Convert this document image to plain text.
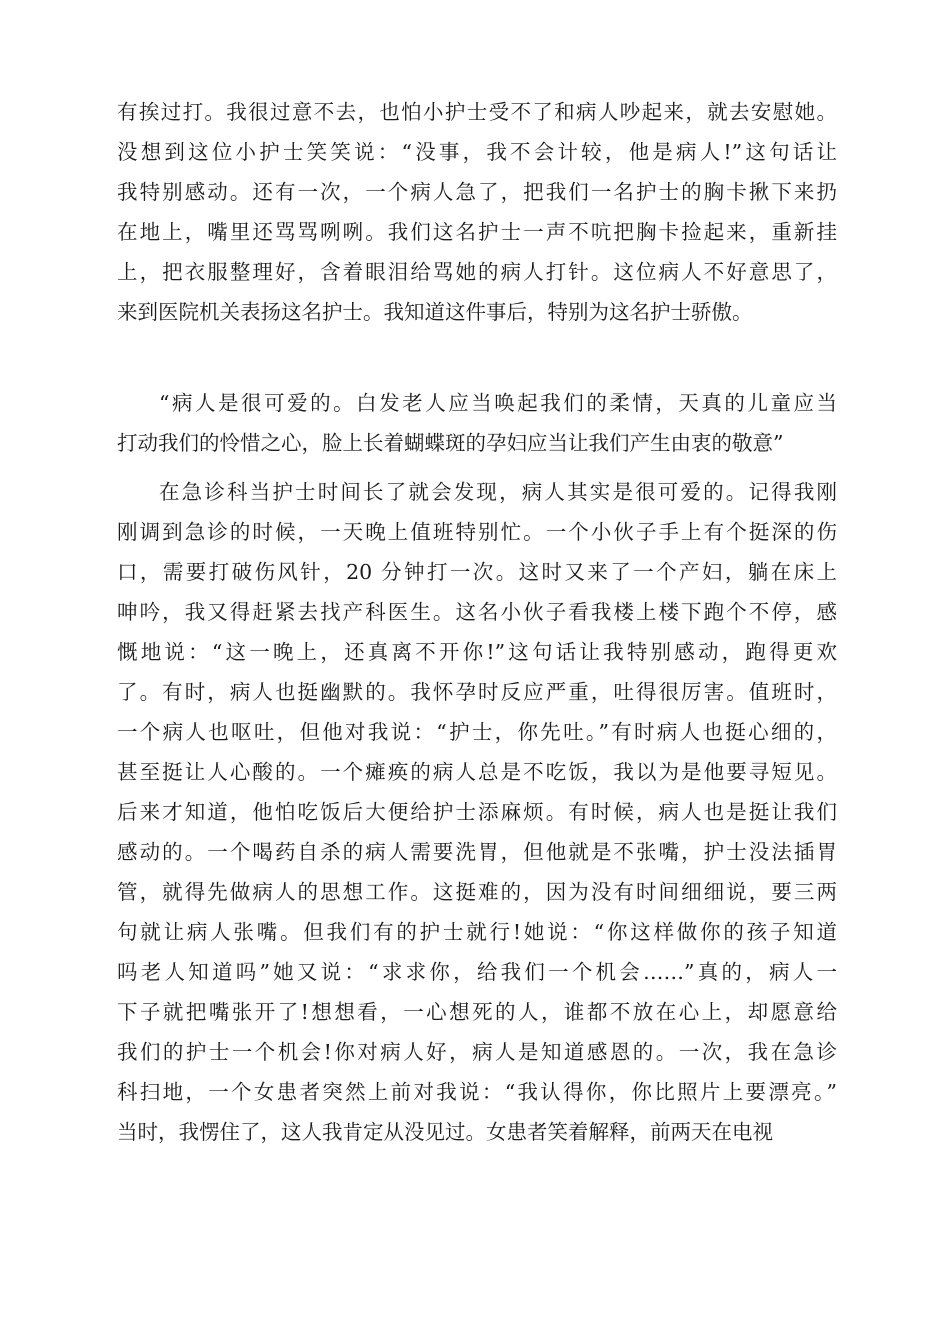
有挨过打。我很过意不去，也怕小护士受不了和病人吵起来，就去安慰她。
没想到这位小护士笑笑说：“没事，我不会计较，他是病人!”这句话让
我特别感动。还有一次，一个病人急了，把我们一名护士的胸卡揪下来扔
在地上，嘴里还骂骂咧咧。我们这名护士一声不吭把胸卡捡起来，重新挂
上，把衣服整理好，含着眼泪给骂她的病人打针。这位病人不好意思了，
来到医院机关表扬这名护士。我知道这件事后，特别为这名护士骄傲。
“病人是很可爱的。白发老人应当唤起我们的柔情，天真的儿童应当
打动我们的怜惜之心，脸上长着蝴蝶斑的孕妇应当让我们产生由衷的敬意”
在急诊科当护士时间长了就会发现，病人其实是很可爱的。记得我刚
刚调到急诊的时候，一天晚上值班特别忙。一个小伙子手上有个挺深的伤
口，需要打破伤风针，20 分钟打一次。这时又来了一个产妇，躺在床上
呻吟，我又得赶紧去找产科医生。这名小伙子看我楼上楼下跑个不停，感
慨地说：“这一晚上，还真离不开你!”这句话让我特别感动，跑得更欢
了。有时，病人也挺幽默的。我怀孕时反应严重，吐得很厉害。值班时，
一个病人也呕吐，但他对我说：“护士，你先吐。”有时病人也挺心细的，
甚至挺让人心酸的。一个瘫痪的病人总是不吃饭，我以为是他要寻短见。
后来才知道，他怕吃饭后大便给护士添麻烦。有时候，病人也是挺让我们
感动的。一个喝药自杀的病人需要洗胃，但他就是不张嘴，护士没法插胃
管，就得先做病人的思想工作。这挺难的，因为没有时间细细说，要三两
句就让病人张嘴。但我们有的护士就行!她说：“你这样做你的孩子知道
吗老人知道吗”她又说：“求求你，给我们一个机会……”真的，病人一
下子就把嘴张开了!想想看，一心想死的人，谁都不放在心上，却愿意给
我们的护士一个机会!你对病人好，病人是知道感恩的。一次，我在急诊
科扫地，一个女患者突然上前对我说：“我认得你，你比照片上要漂亮。”
当时，我愣住了，这人我肯定从没见过。女患者笑着解释，前两天在电视
